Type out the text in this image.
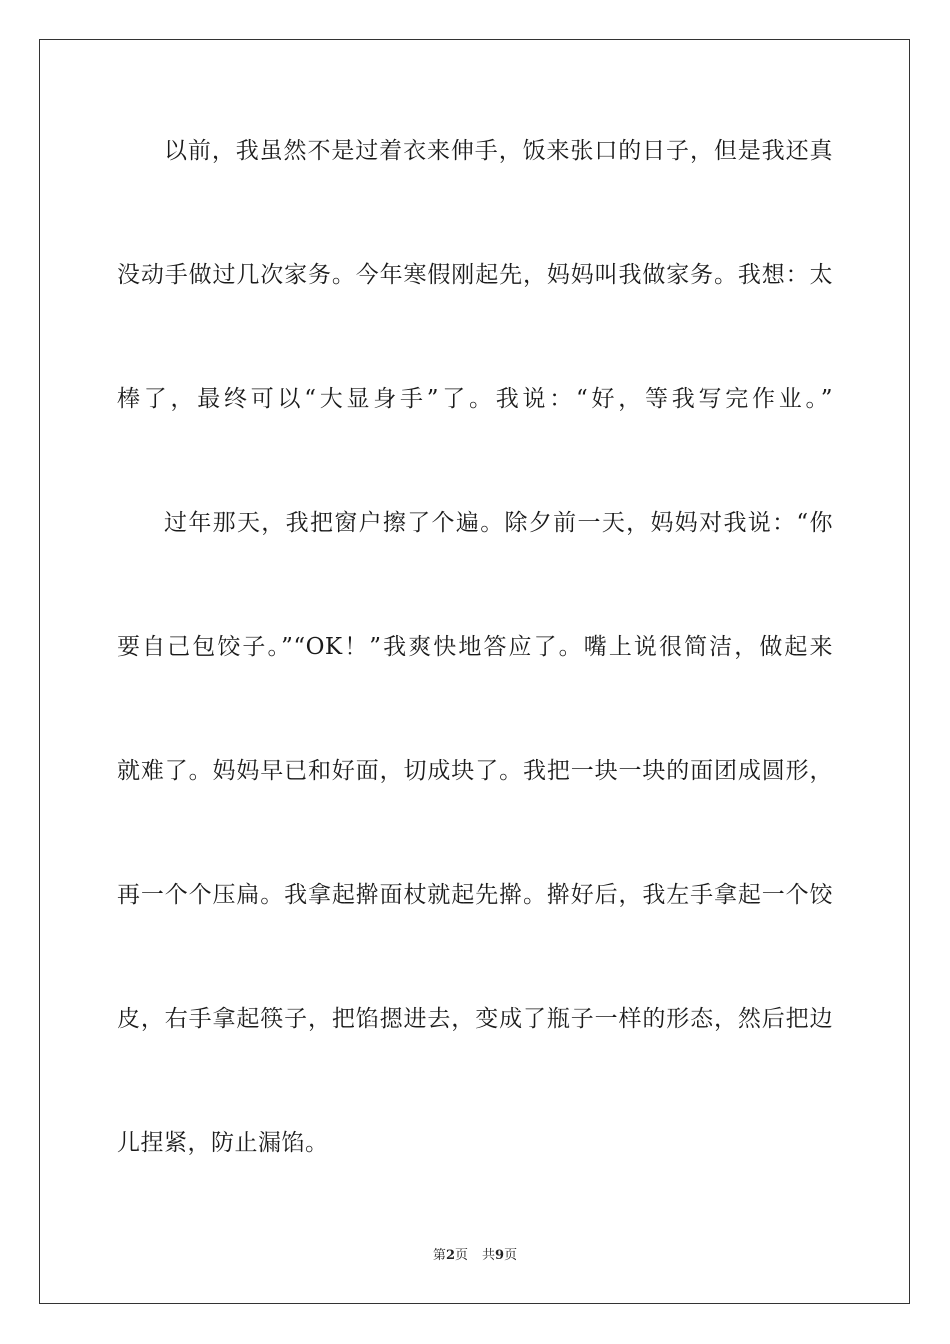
以前，我虽然不是过着衣来伸手，饭来张口的日子，但是我还真
没动手做过几次家务。今年寒假刚起先，妈妈叫我做家务。我想：太
棒了，最终可以“大显身手”了。我说：“好，等我写完作业。”
过年那天，我把窗户擦了个遍。除夕前一天，妈妈对我说：“你
要自己包饺子。”“OK！”我爽快地答应了。嘴上说很简洁，做起来
就难了。妈妈早已和好面，切成块了。我把一块一块的面团成圆形，
再一个个压扁。我拿起擀面杖就起先擀。擀好后，我左手拿起一个饺
皮，右手拿起筷子，把馅摁进去，变成了瓶子一样的形态，然后把边
儿捏紧，防止漏馅。
第2页 共9页
